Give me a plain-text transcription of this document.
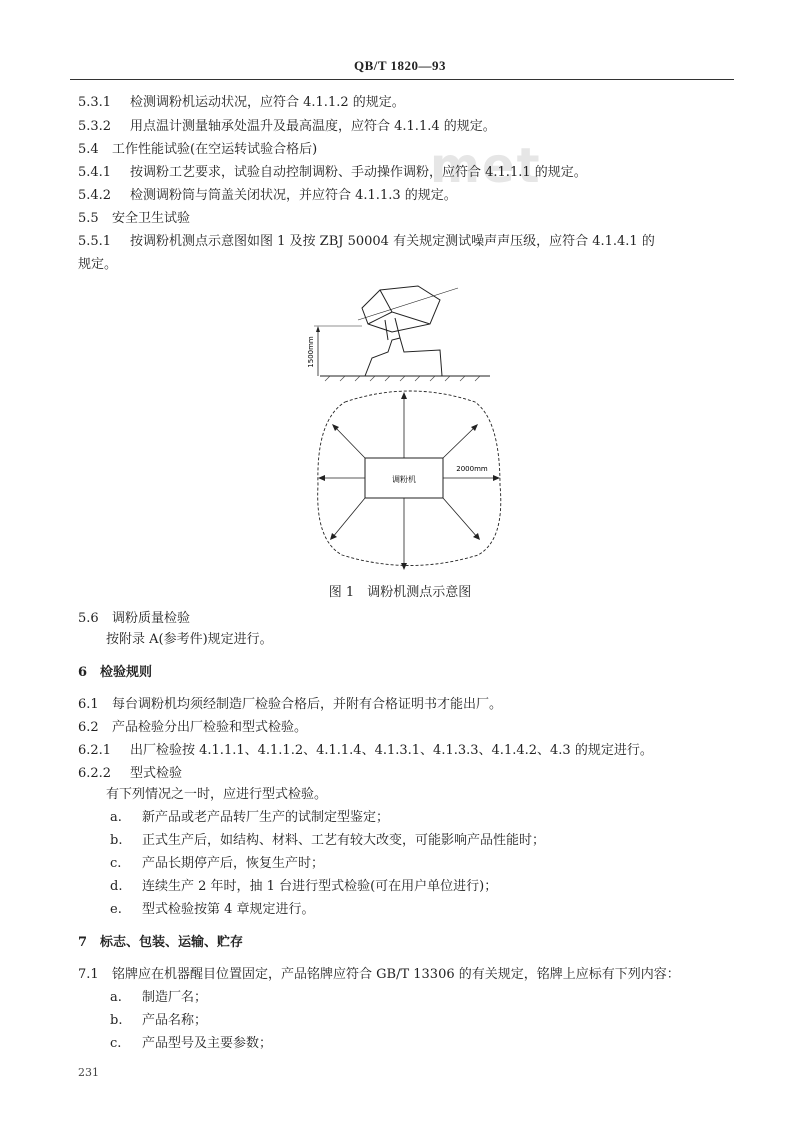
met
QB/T 1820—93
5.3.1 检测调粉机运动状况，应符合 4.1.1.2 的规定。
5.3.2 用点温计测量轴承处温升及最高温度，应符合 4.1.1.4 的规定。
5.4 工作性能试验(在空运转试验合格后)
5.4.1 按调粉工艺要求，试验自动控制调粉、手动操作调粉，应符合 4.1.1.1 的规定。
5.4.2 检测调粉筒与筒盖关闭状况，并应符合 4.1.1.3 的规定。
5.5 安全卫生试验
5.5.1 按调粉机测点示意图如图 1 及按 ZBJ 50004 有关规定测试噪声声压级，应符合 4.1.4.1 的
规定。
1500mm
调粉机
2000mm
图 1　调粉机测点示意图
5.6 调粉质量检验
按附录 A(参考件)规定进行。
6 检验规则
6.1 每台调粉机均须经制造厂检验合格后，并附有合格证明书才能出厂。
6.2 产品检验分出厂检验和型式检验。
6.2.1 出厂检验按 4.1.1.1、4.1.1.2、4.1.1.4、4.1.3.1、4.1.3.3、4.1.4.2、4.3 的规定进行。
6.2.2 型式检验
有下列情况之一时，应进行型式检验。
a. 新产品或老产品转厂生产的试制定型鉴定；
b. 正式生产后，如结构、材料、工艺有较大改变，可能影响产品性能时；
c. 产品长期停产后，恢复生产时；
d. 连续生产 2 年时，抽 1 台进行型式检验(可在用户单位进行)；
e. 型式检验按第 4 章规定进行。
7 标志、包装、运输、贮存
7.1 铭牌应在机器醒目位置固定，产品铭牌应符合 GB/T 13306 的有关规定，铭牌上应标有下列内容：
a. 制造厂名；
b. 产品名称；
c. 产品型号及主要参数；
231
